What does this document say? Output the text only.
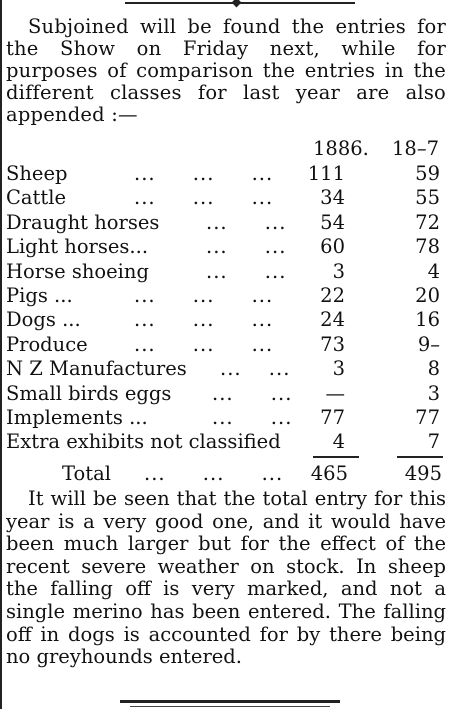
Subjoined will be found the entries for the Show on Friday next, while for purposes of comparison the entries in the different classes for last year are also appended :—

1886. 18–7
Sheep	... ... ... 111	59
Cattle	... ... ... 34	55
Draught horses ... ... 54	72
Light horses...	... ... 60	78
Horse shoeing	... ... 3	4
Pigs ...	... ... ... 22	20
Dogs ...	... ... ... 24	16
Produce ... ... ... 73	9–
N Z Manufactures ... ... 3	8
Small birds eggs ... ... —	3
Implements ...	... ... 77	77
Extra exhibits not classified	4	7
Total ... ... ... 465	495

It will be seen that the total entry for this year is a very good one, and it would have been much larger but for the effect of the recent severe weather on stock. In sheep the falling off is very marked, and not a single merino has been entered. The falling off in dogs is accounted for by there being no greyhounds entered.
